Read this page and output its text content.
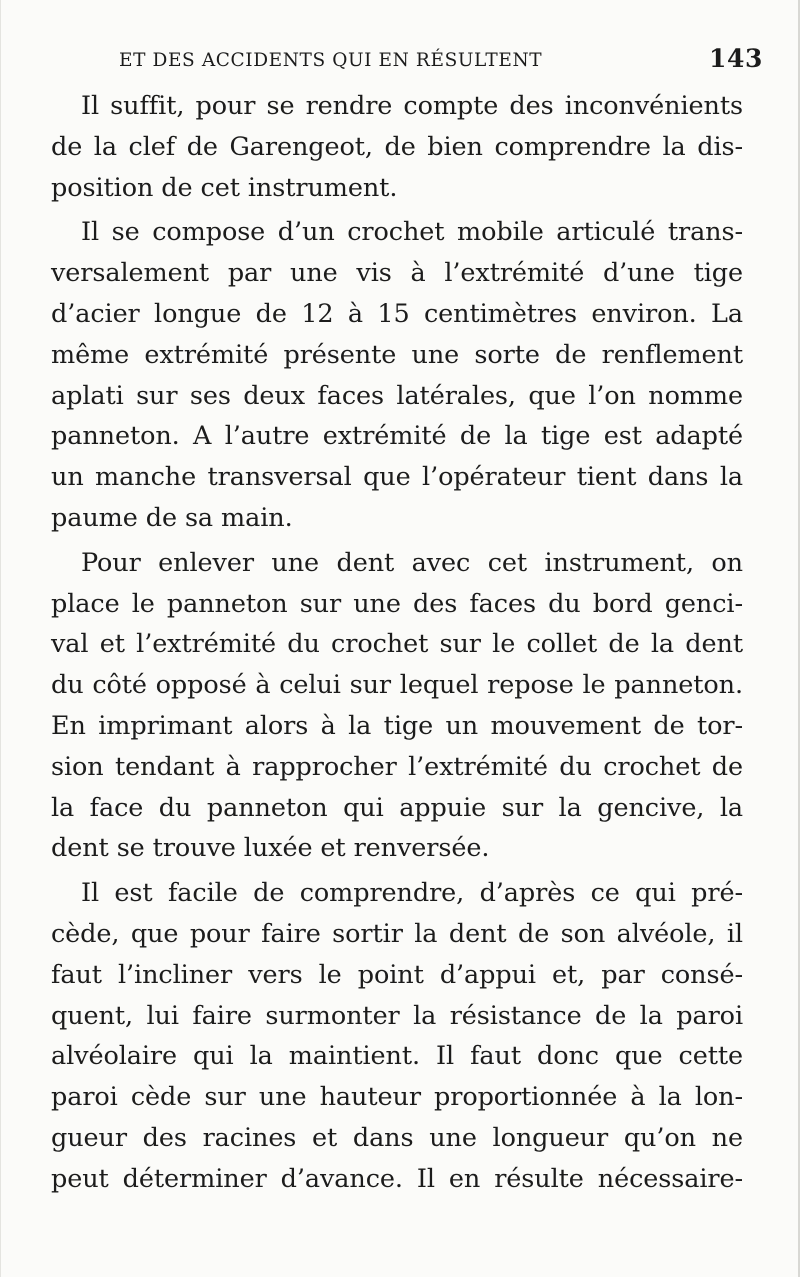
ET DES ACCIDENTS QUI EN RÉSULTENT	143

Il suffit, pour se rendre compte des inconvénients
de la clef de Garengeot, de bien comprendre la dis-
position de cet instrument.

Il se compose d’un crochet mobile articulé trans-
versalement par une vis à l’extrémité d’une tige
d’acier longue de 12 à 15 centimètres environ. La
même extrémité présente une sorte de renflement
aplati sur ses deux faces latérales, que l’on nomme
panneton. A l’autre extrémité de la tige est adapté
un manche transversal que l’opérateur tient dans la
paume de sa main.

Pour enlever une dent avec cet instrument, on
place le panneton sur une des faces du bord genci-
val et l’extrémité du crochet sur le collet de la dent
du côté opposé à celui sur lequel repose le panneton.
En imprimant alors à la tige un mouvement de tor-
sion tendant à rapprocher l’extrémité du crochet de
la face du panneton qui appuie sur la gencive, la
dent se trouve luxée et renversée.

Il est facile de comprendre, d’après ce qui pré-
cède, que pour faire sortir la dent de son alvéole, il
faut l’incliner vers le point d’appui et, par consé-
quent, lui faire surmonter la résistance de la paroi
alvéolaire qui la maintient. Il faut donc que cette
paroi cède sur une hauteur proportionnée à la lon-
gueur des racines et dans une longueur qu’on ne
peut déterminer d’avance. Il en résulte nécessaire-
